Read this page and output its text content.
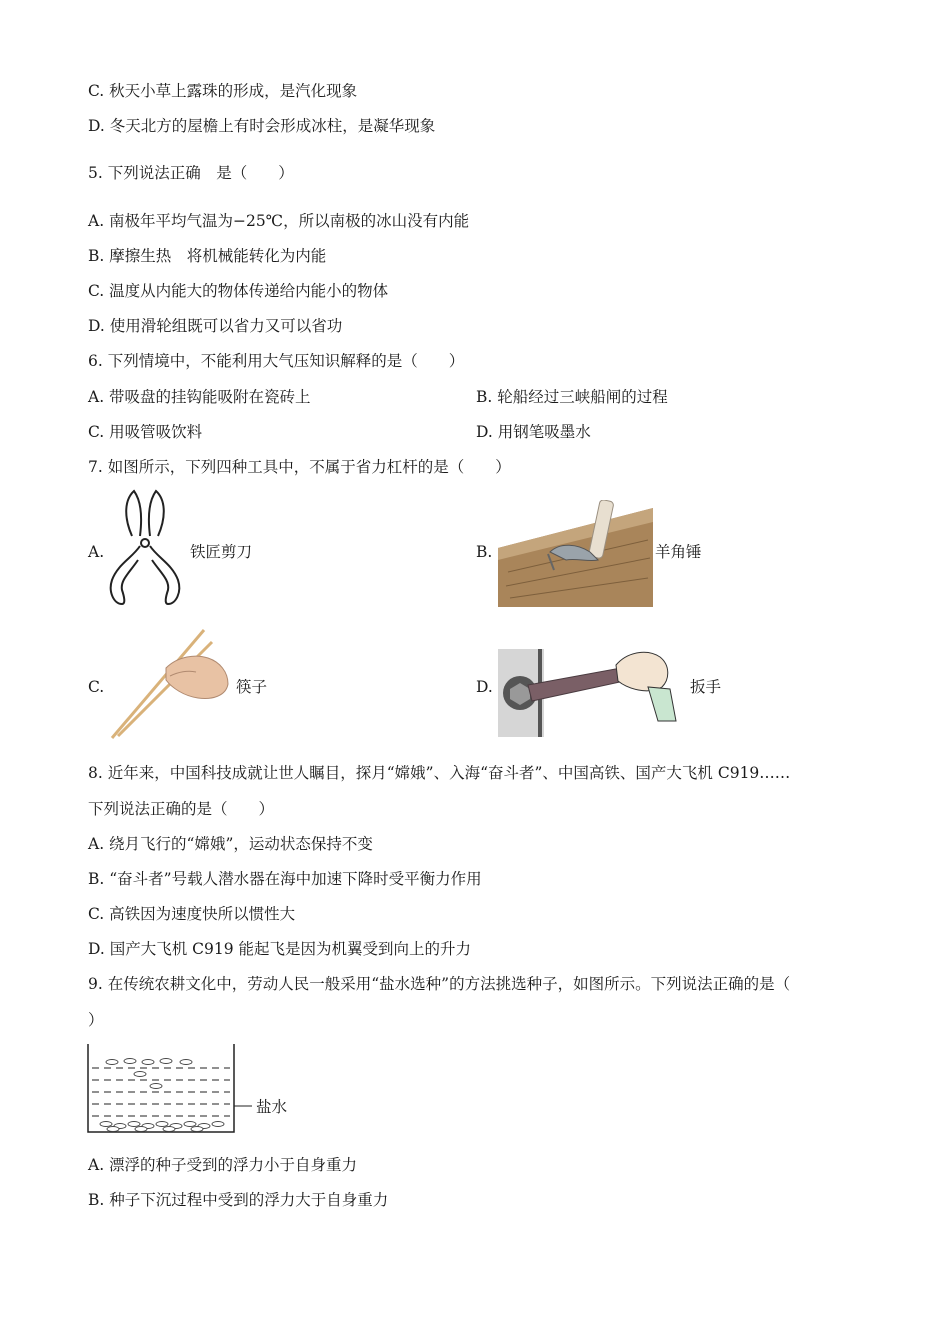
C. 秋天小草上露珠的形成，是汽化现象
D. 冬天北方的屋檐上有时会形成冰柱，是凝华现象
5. 下列说法正确　是（　　）
A. 南极年平均气温为−25℃，所以南极的冰山没有内能
B. 摩擦生热　将机械能转化为内能
C. 温度从内能大的物体传递给内能小的物体
D. 使用滑轮组既可以省力又可以省功
6. 下列情境中，不能利用大气压知识解释的是（　　）
A. 带吸盘的挂钩能吸附在瓷砖上	B. 轮船经过三峡船闸的过程
C. 用吸管吸饮料	D. 用钢笔吸墨水
7. 如图所示，下列四种工具中，不属于省力杠杆的是（　　）
A.	铁匠剪刀	B.	羊角锤
C.	筷子	D.	扳手
8. 近年来，中国科技成就让世人瞩目，探月“嫦娥”、入海“奋斗者”、中国高铁、国产大飞机 C919……
下列说法正确的是（　　）
A. 绕月飞行的“嫦娥”，运动状态保持不变
B. “奋斗者”号载人潜水器在海中加速下降时受平衡力作用
C. 高铁因为速度快所以惯性大
D. 国产大飞机 C919 能起飞是因为机翼受到向上的升力
9. 在传统农耕文化中，劳动人民一般采用“盐水选种”的方法挑选种子，如图所示。下列说法正确的是（
）
盐水
A. 漂浮的种子受到的浮力小于自身重力
B. 种子下沉过程中受到的浮力大于自身重力
